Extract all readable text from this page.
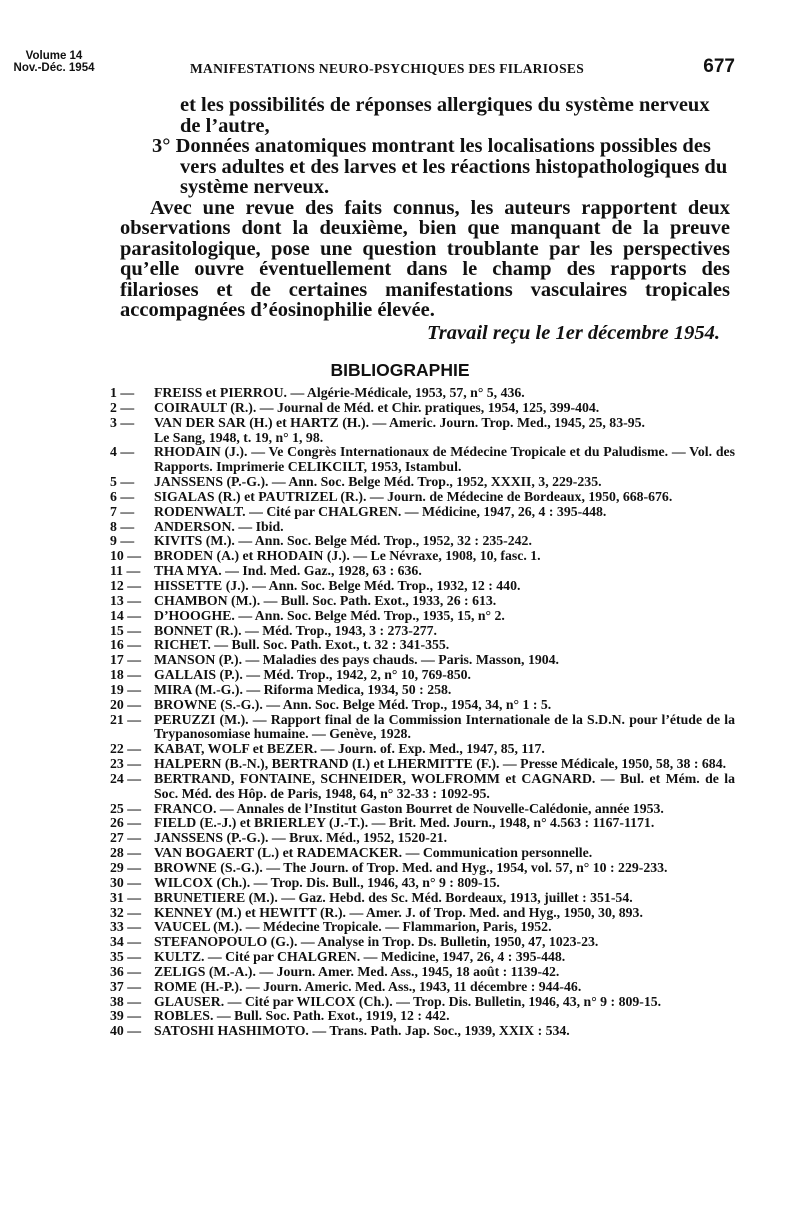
Volume 14
Nov.-Déc. 1954	MANIFESTATIONS NEURO-PSYCHIQUES DES FILARIOSES	677

et les possibilités de réponses allergiques du système nerveux

de l’autre,

3° Données anatomiques montrant les localisations possibles des vers adultes et des larves et les réactions histopathologiques du système nerveux.

Avec une revue des faits connus, les auteurs rapportent deux observations dont la deuxième, bien que manquant de la preuve parasitologique, pose une question troublante par les perspectives qu’elle ouvre éventuellement dans le champ des rapports des filarioses et de certaines manifestations vasculaires tropicales accompagnées d’éosinophilie élevée.

Travail reçu le 1er décembre 1954.

BIBLIOGRAPHIE
1 —	FREISS et PIERROU. — Algérie-Médicale, 1953, 57, n° 5, 436.
2 —	COIRAULT (R.). — Journal de Méd. et Chir. pratiques, 1954, 125, 399-404.
3 —	VAN DER SAR (H.) et HARTZ (H.). — Americ. Journ. Trop. Med., 1945, 25, 83-95.
Le Sang, 1948, t. 19, n° 1, 98.
4 —	RHODAIN (J.). — Ve Congrès Internationaux de Médecine Tropicale et du Paludisme. — Vol. des Rapports. Imprimerie CELIKCILT, 1953, Istambul.
5 —	JANSSENS (P.-G.). — Ann. Soc. Belge Méd. Trop., 1952, XXXII, 3, 229-235.
6 —	SIGALAS (R.) et PAUTRIZEL (R.). — Journ. de Médecine de Bordeaux, 1950, 668-676.
7 —	RODENWALT. — Cité par CHALGREN. — Médicine, 1947, 26, 4 : 395-448.
8 —	ANDERSON. — Ibid.
9 —	KIVITS (M.). — Ann. Soc. Belge Méd. Trop., 1952, 32 : 235-242.
10 — BRODEN (A.) et RHODAIN (J.). — Le Névraxe, 1908, 10, fasc. 1.
11 — THA MYA. — Ind. Med. Gaz., 1928, 63 : 636.
12 — HISSETTE (J.). — Ann. Soc. Belge Méd. Trop., 1932, 12 : 440.
13 — CHAMBON (M.). — Bull. Soc. Path. Exot., 1933, 26 : 613.
14 — D’HOOGHE. — Ann. Soc. Belge Méd. Trop., 1935, 15, n° 2.
15 — BONNET (R.). — Méd. Trop., 1943, 3 : 273-277.
16 — RICHET. — Bull. Soc. Path. Exot., t. 32 : 341-355.
17 — MANSON (P.). — Maladies des pays chauds. — Paris. Masson, 1904.
18 — GALLAIS (P.). — Méd. Trop., 1942, 2, n° 10, 769-850.
19 — MIRA (M.-G.). — Riforma Medica, 1934, 50 : 258.
20 — BROWNE (S.-G.). — Ann. Soc. Belge Méd. Trop., 1954, 34, n° 1 : 5.
21 — PERUZZI (M.). — Rapport final de la Commission Internationale de la S.D.N. pour l’étude de la Trypanosomiase humaine. — Genève, 1928.
22 — KABAT, WOLF et BEZER. — Journ. of. Exp. Med., 1947, 85, 117.
23 — HALPERN (B.-N.), BERTRAND (I.) et LHERMITTE (F.). — Presse Médicale, 1950, 58, 38 : 684.
24 — BERTRAND, FONTAINE, SCHNEIDER, WOLFROMM et CAGNARD. — Bul. et Mém. de la Soc. Méd. des Hôp. de Paris, 1948, 64, n° 32-33 : 1092-95.
25 — FRANCO. — Annales de l’Institut Gaston Bourret de Nouvelle-Calédonie, année 1953.
26 — FIELD (E.-J.) et BRIERLEY (J.-T.). — Brit. Med. Journ., 1948, n° 4.563 : 1167-1171.
27 — JANSSENS (P.-G.). — Brux. Méd., 1952, 1520-21.
28 — VAN BOGAERT (L.) et RADEMACKER. — Communication personnelle.
29 — BROWNE (S.-G.). — The Journ. of Trop. Med. and Hyg., 1954, vol. 57, n° 10 : 229-233.
30 — WILCOX (Ch.). — Trop. Dis. Bull., 1946, 43, n° 9 : 809-15.
31 — BRUNETIERE (M.). — Gaz. Hebd. des Sc. Méd. Bordeaux, 1913, juillet : 351-54.
32 — KENNEY (M.) et HEWITT (R.). — Amer. J. of Trop. Med. and Hyg., 1950, 30, 893.
33 — VAUCEL (M.). — Médecine Tropicale. — Flammarion, Paris, 1952.
34 — STEFANOPOULO (G.). — Analyse in Trop. Ds. Bulletin, 1950, 47, 1023-23.
35 — KULTZ. — Cité par CHALGREN. — Medicine, 1947, 26, 4 : 395-448.
36 — ZELIGS (M.-A.). — Journ. Amer. Med. Ass., 1945, 18 août : 1139-42.
37 — ROME (H.-P.). — Journ. Americ. Med. Ass., 1943, 11 décembre : 944-46.
38 — GLAUSER. — Cité par WILCOX (Ch.). — Trop. Dis. Bulletin, 1946, 43, n° 9 : 809-15.
39 — ROBLES. — Bull. Soc. Path. Exot., 1919, 12 : 442.
40 — SATOSHI HASHIMOTO. — Trans. Path. Jap. Soc., 1939, XXIX : 534.
